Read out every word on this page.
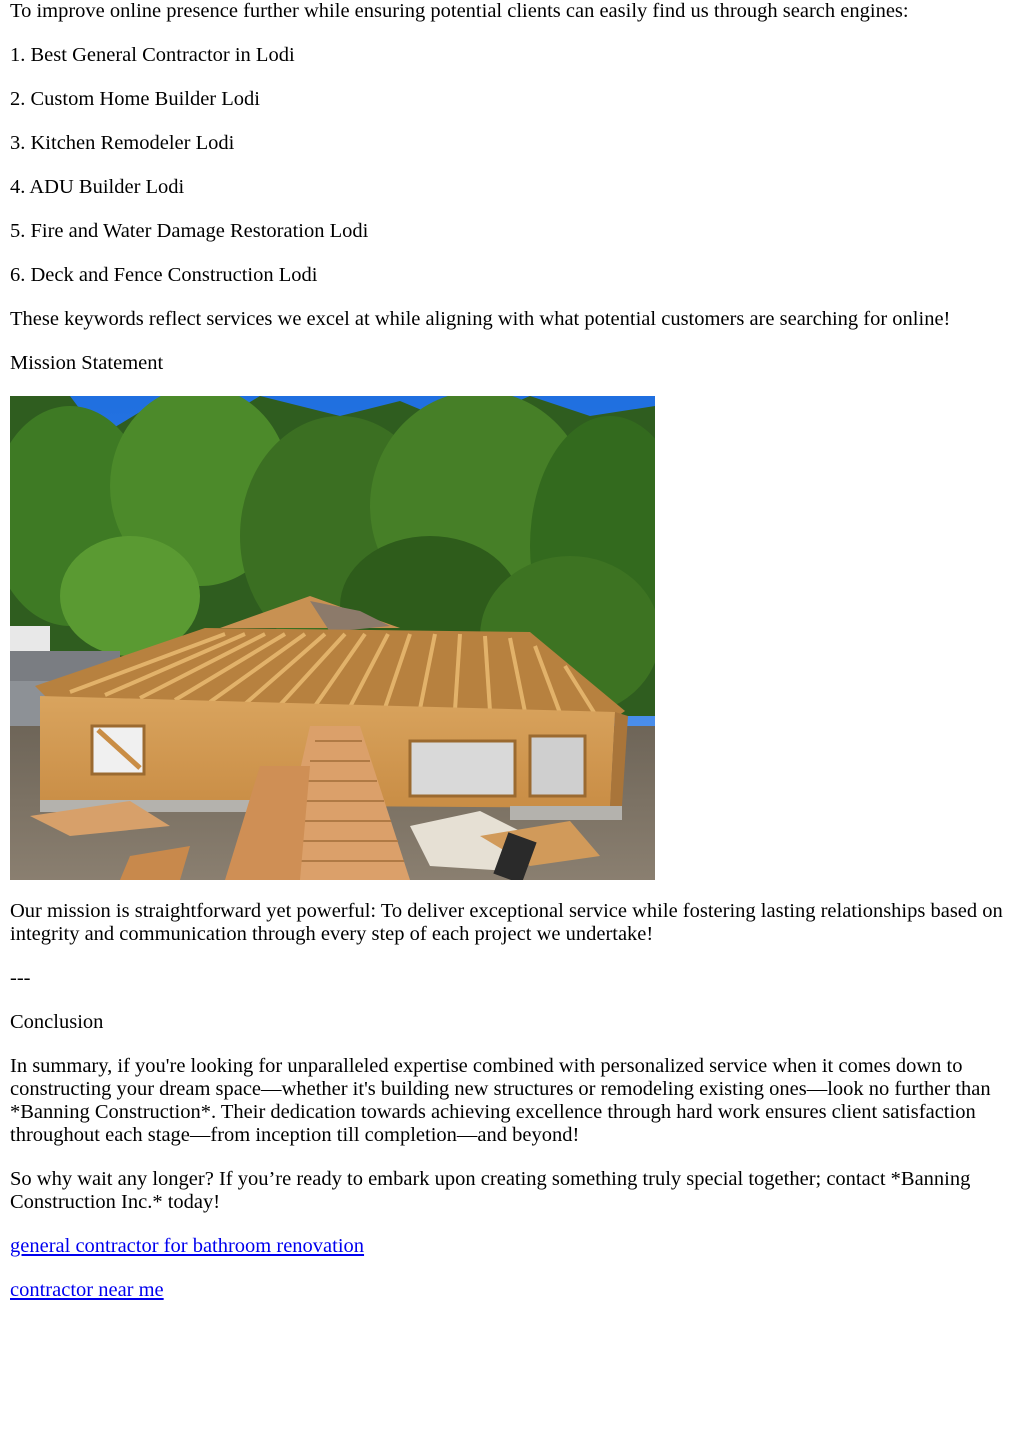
To improve online presence further while ensuring potential clients can easily find us through search engines:

1. Best General Contractor in Lodi

2. Custom Home Builder Lodi

3. Kitchen Remodeler Lodi

4. ADU Builder Lodi

5. Fire and Water Damage Restoration Lodi

6. Deck and Fence Construction Lodi

These keywords reflect services we excel at while aligning with what potential customers are searching for online!

Mission Statement

Our mission is straightforward yet powerful: To deliver exceptional service while fostering lasting relationships based on integrity and communication through every step of each project we undertake!

---

Conclusion

In summary, if you're looking for unparalleled expertise combined with personalized service when it comes down to constructing your dream space—whether it's building new structures or remodeling existing ones—look no further than *Banning Construction*. Their dedication towards achieving excellence through hard work ensures client satisfaction throughout each stage—from inception till completion—and beyond!

So why wait any longer? If you’re ready to embark upon creating something truly special together; contact *Banning Construction Inc.* today!

general contractor for bathroom renovation

contractor near me
